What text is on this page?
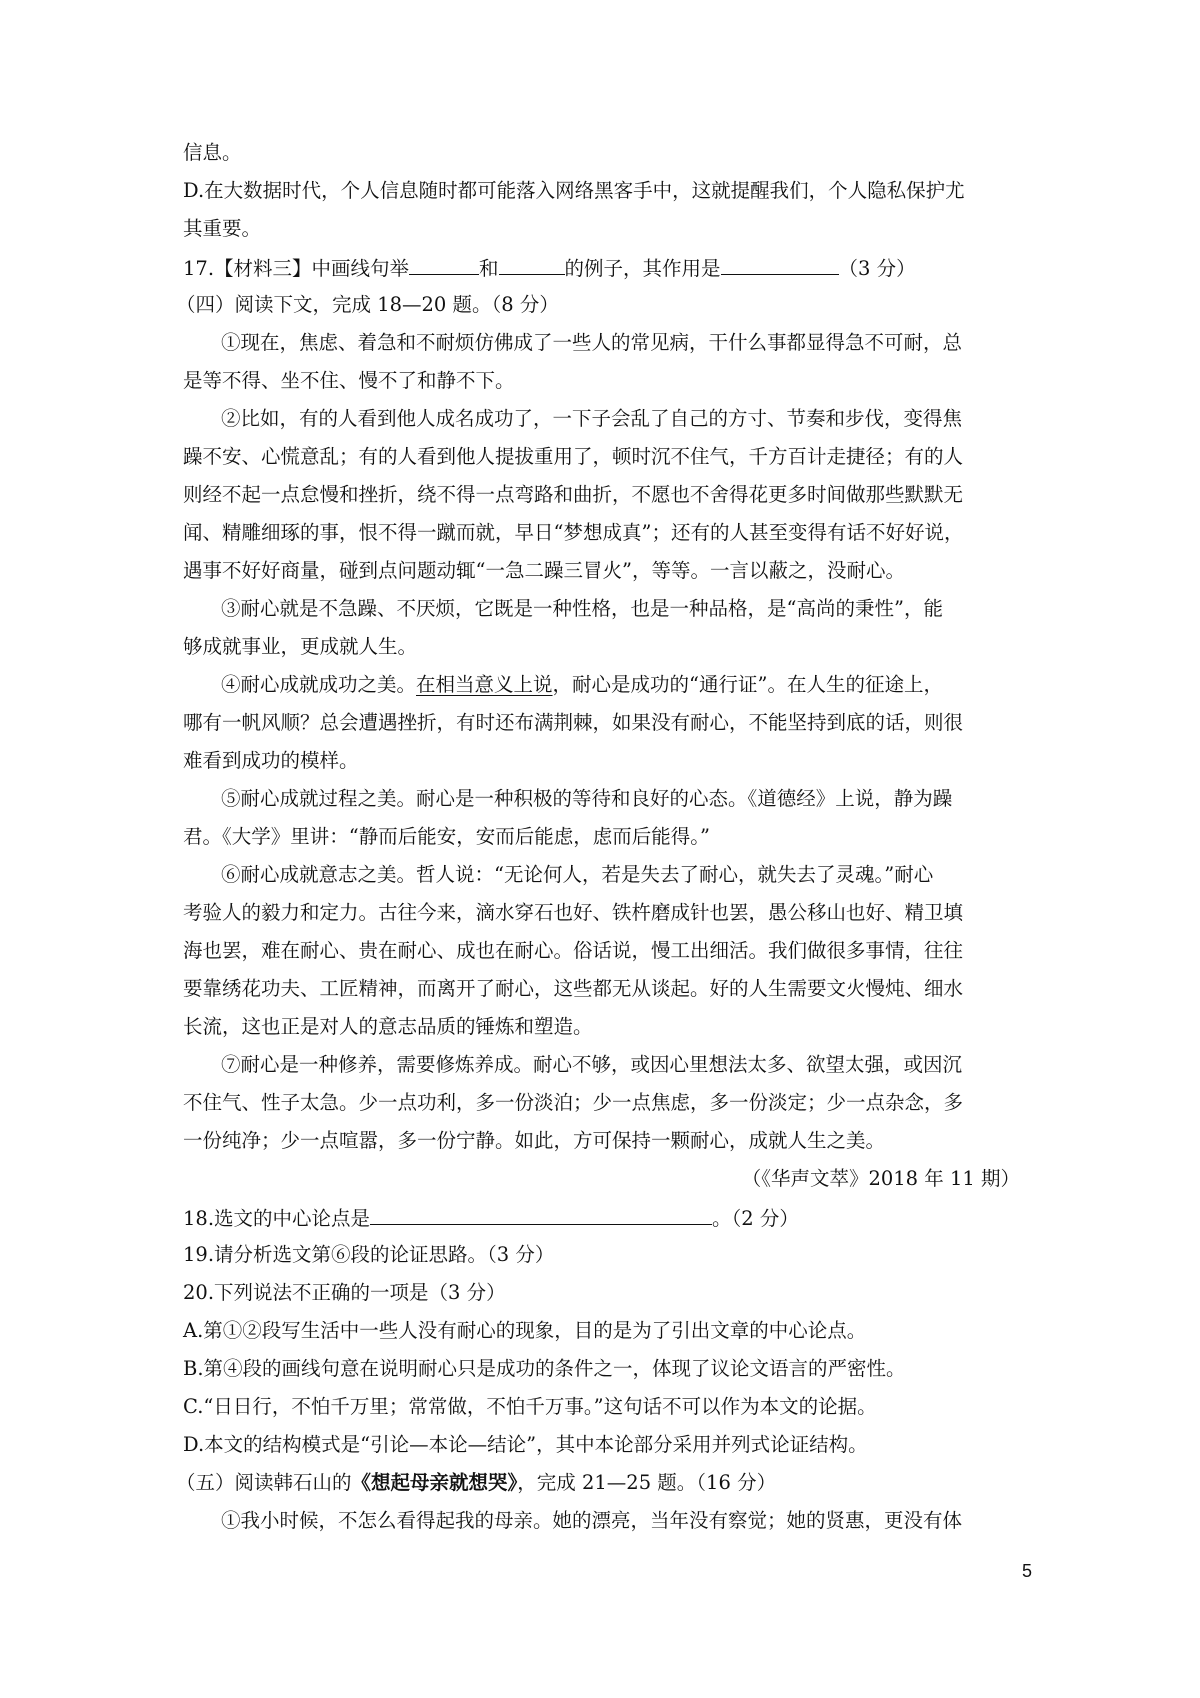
信息。
D.在大数据时代，个人信息随时都可能落入网络黑客手中，这就提醒我们，个人隐私保护尤
其重要。
17.【材料三】中画线句举	和	的例子，其作用是	（3 分）
（四）阅读下文，完成 18—20 题。（8 分）
①现在，焦虑、着急和不耐烦仿佛成了一些人的常见病，干什么事都显得急不可耐，总
是等不得、坐不住、慢不了和静不下。
②比如，有的人看到他人成名成功了，一下子会乱了自己的方寸、节奏和步伐，变得焦
躁不安、心慌意乱；有的人看到他人提拔重用了，顿时沉不住气，千方百计走捷径；有的人
则经不起一点怠慢和挫折，绕不得一点弯路和曲折，不愿也不舍得花更多时间做那些默默无
闻、精雕细琢的事，恨不得一蹴而就，早日“梦想成真”；还有的人甚至变得有话不好好说，
遇事不好好商量，碰到点问题动辄“一急二躁三冒火”，等等。一言以蔽之，没耐心。
③耐心就是不急躁、不厌烦，它既是一种性格，也是一种品格，是“高尚的秉性”，能
够成就事业，更成就人生。
④耐心成就成功之美。在相当意义上说，耐心是成功的“通行证”。在人生的征途上，
哪有一帆风顺？总会遭遇挫折，有时还布满荆棘，如果没有耐心，不能坚持到底的话，则很
难看到成功的模样。
⑤耐心成就过程之美。耐心是一种积极的等待和良好的心态。《道德经》上说，静为躁
君。《大学》里讲：“静而后能安，安而后能虑，虑而后能得。”
⑥耐心成就意志之美。哲人说：“无论何人，若是失去了耐心，就失去了灵魂。”耐心
考验人的毅力和定力。古往今来，滴水穿石也好、铁杵磨成针也罢，愚公移山也好、精卫填
海也罢，难在耐心、贵在耐心、成也在耐心。俗话说，慢工出细活。我们做很多事情，往往
要靠绣花功夫、工匠精神，而离开了耐心，这些都无从谈起。好的人生需要文火慢炖、细水
长流，这也正是对人的意志品质的锤炼和塑造。
⑦耐心是一种修养，需要修炼养成。耐心不够，或因心里想法太多、欲望太强，或因沉
不住气、性子太急。少一点功利，多一份淡泊；少一点焦虑，多一份淡定；少一点杂念，多
一份纯净；少一点喧嚣，多一份宁静。如此，方可保持一颗耐心，成就人生之美。
（《华声文萃》2018 年 11 期）
18.选文的中心论点是	。（2 分）
19.请分析选文第⑥段的论证思路。（3 分）
20.下列说法不正确的一项是（3 分）
A.第①②段写生活中一些人没有耐心的现象，目的是为了引出文章的中心论点。
B.第④段的画线句意在说明耐心只是成功的条件之一，体现了议论文语言的严密性。
C.“日日行，不怕千万里；常常做，不怕千万事。”这句话不可以作为本文的论据。
D.本文的结构模式是“引论—本论—结论”，其中本论部分采用并列式论证结构。
（五）阅读韩石山的《想起母亲就想哭》，完成 21—25 题。（16 分）
①我小时候，不怎么看得起我的母亲。她的漂亮，当年没有察觉；她的贤惠，更没有体
5
